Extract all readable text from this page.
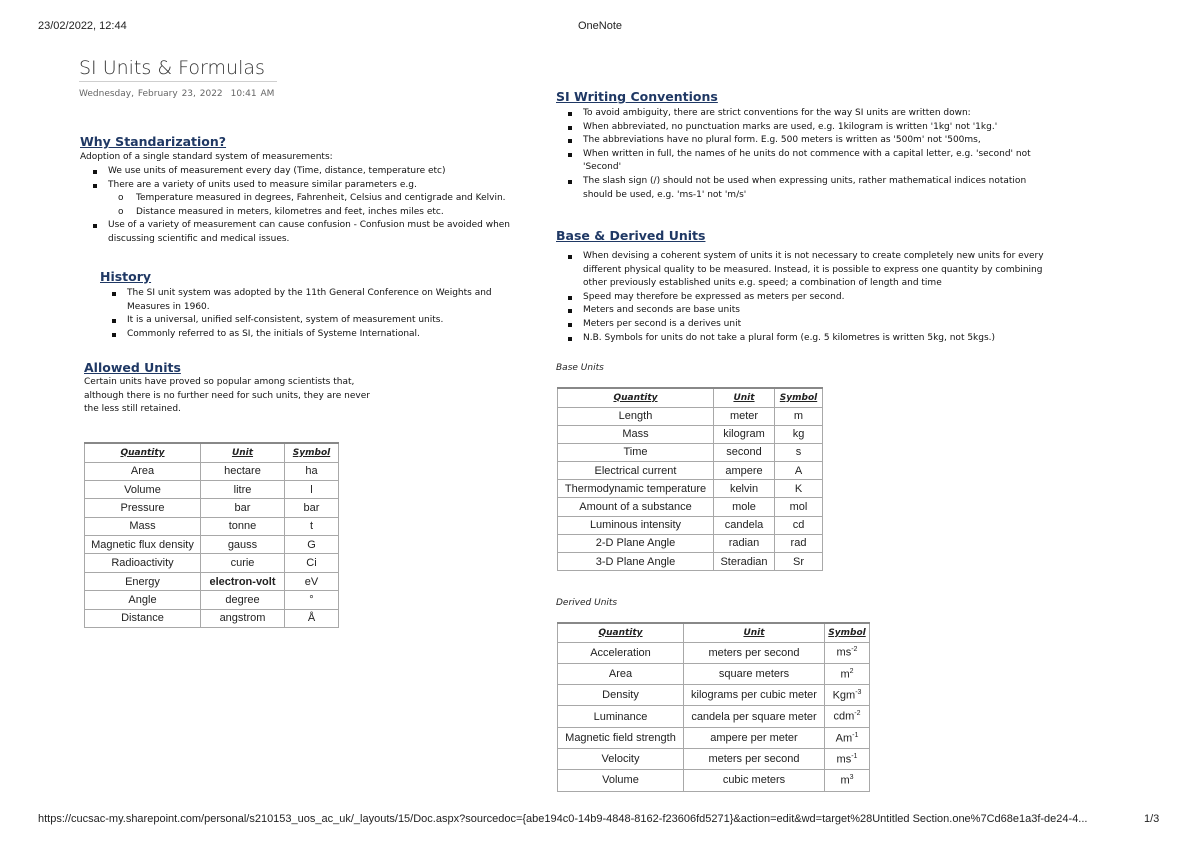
23/02/2022, 12:44	OneNote
https://cucsac-my.sharepoint.com/personal/s210153_uos_ac_uk/_layouts/15/Doc.aspx?sourcedoc={abe194c0-14b9-4848-8162-f23606fd5271}&action=edit&wd=target%28Untitled Section.one%7Cd68e1a3f-de24-4...	1/3
SI Units & Formulas
Wednesday, February 23, 2022 10:41 AM
Why Standarization?
Adoption of a single standard system of measurements:
We use units of measurement every day (Time, distance, temperature etc)
There are a variety of units used to measure similar parameters e.g.
o Temperature measured in degrees, Fahrenheit, Celsius and centigrade and Kelvin.
o Distance measured in meters, kilometres and feet, inches miles etc.
Use of a variety of measurement can cause confusion - Confusion must be avoided when discussing scientific and medical issues.
History
The SI unit system was adopted by the 11th General Conference on Weights and Measures in 1960.
It is a universal, unified self-consistent, system of measurement units.
Commonly referred to as SI, the initials of Systeme International.
Allowed Units
Certain units have proved so popular among scientists that, although there is no further need for such units, they are never the less still retained.
Quantity	Unit	Symbol
Area	hectare	ha
Volume	litre	l
Pressure	bar	bar
Mass	tonne	t
Magnetic flux density	gauss	G
Radioactivity	curie	Ci
Energy	electron-volt	eV
Angle	degree	°
Distance	angstrom	Å
SI Writing Conventions
To avoid ambiguity, there are strict conventions for the way SI units are written down:
When abbreviated, no punctuation marks are used, e.g. 1kilogram is written '1kg' not '1kg.'
The abbreviations have no plural form. E.g. 500 meters is written as '500m' not '500ms,
When written in full, the names of he units do not commence with a capital letter, e.g. 'second' not 'Second'
The slash sign (/) should not be used when expressing units, rather mathematical indices notation should be used, e.g. 'ms-1' not 'm/s'
Base & Derived Units
When devising a coherent system of units it is not necessary to create completely new units for every different physical quality to be measured. Instead, it is possible to express one quantity by combining other previously established units e.g. speed; a combination of length and time
Speed may therefore be expressed as meters per second.
Meters and seconds are base units
Meters per second is a derives unit
N.B. Symbols for units do not take a plural form (e.g. 5 kilometres is written 5kg, not 5kgs.)
Base Units
Quantity	Unit	Symbol
Length	meter	m
Mass	kilogram	kg
Time	second	s
Electrical current	ampere	A
Thermodynamic temperature	kelvin	K
Amount of a substance	mole	mol
Luminous intensity	candela	cd
2-D Plane Angle	radian	rad
3-D Plane Angle	Steradian	Sr
Derived Units
Quantity	Unit	Symbol
Acceleration	meters per second	$ms^{-2}$
Area	square meters	$m^2$
Density	kilograms per cubic meter	Kgm$^{-3}$
Luminance	candela per square meter	cdm$^{-2}$
Magnetic field strength	ampere per meter	$Am^{-1}$
Velocity	meters per second	$ms^{-1}$
Volume	cubic meters	$m^3$
